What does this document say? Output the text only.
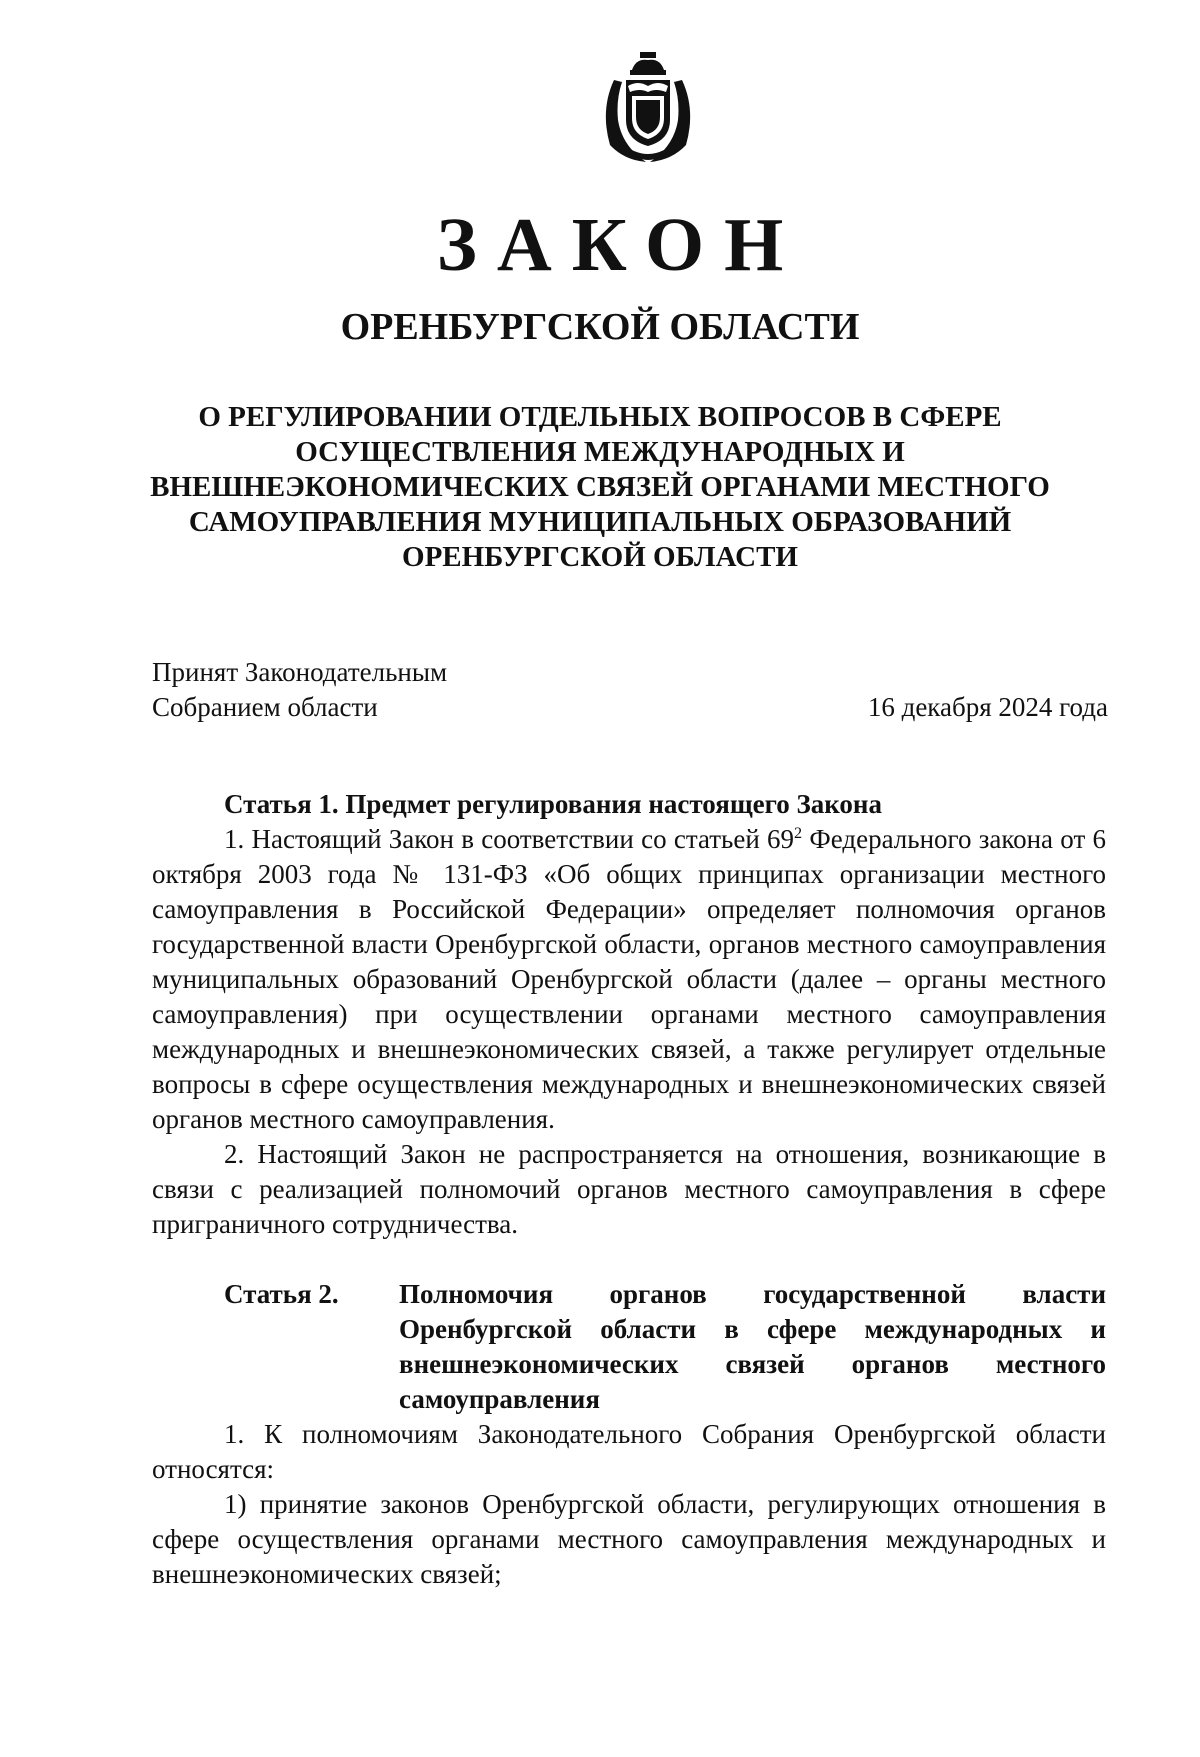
ЗАКОН
ОРЕНБУРГСКОЙ ОБЛАСТИ
О РЕГУЛИРОВАНИИ ОТДЕЛЬНЫХ ВОПРОСОВ В СФЕРЕ ОСУЩЕСТВЛЕНИЯ МЕЖДУНАРОДНЫХ И ВНЕШНЕЭКОНОМИЧЕСКИХ СВЯЗЕЙ ОРГАНАМИ МЕСТНОГО САМОУПРАВЛЕНИЯ МУНИЦИПАЛЬНЫХ ОБРАЗОВАНИЙ ОРЕНБУРГСКОЙ ОБЛАСТИ
Принят Законодательным
Собранием области	16 декабря 2024 года
Статья 1. Предмет регулирования настоящего Закона

1. Настоящий Закон в соответствии со статьей $69^2$ Федерального закона от 6 октября 2003 года № 131-ФЗ «Об общих принципах организации местного самоуправления в Российской Федерации» определяет полномочия органов государственной власти Оренбургской области, органов местного самоуправления муниципальных образований Оренбургской области (далее – органы местного самоуправления) при осуществлении органами местного самоуправления международных и внешнеэкономических связей, а также регулирует отдельные вопросы в сфере осуществления международных и внешнеэкономических связей органов местного самоуправления.

2. Настоящий Закон не распространяется на отношения, возникающие в связи с реализацией полномочий органов местного самоуправления в сфере приграничного сотрудничества.

Статья 2.	Полномочия органов государственной власти Оренбургской области в сфере международных и внешнеэкономических связей органов местного самоуправления

1. К полномочиям Законодательного Собрания Оренбургской области относятся:

1) принятие законов Оренбургской области, регулирующих отношения в сфере осуществления органами местного самоуправления международных и внешнеэкономических связей;
